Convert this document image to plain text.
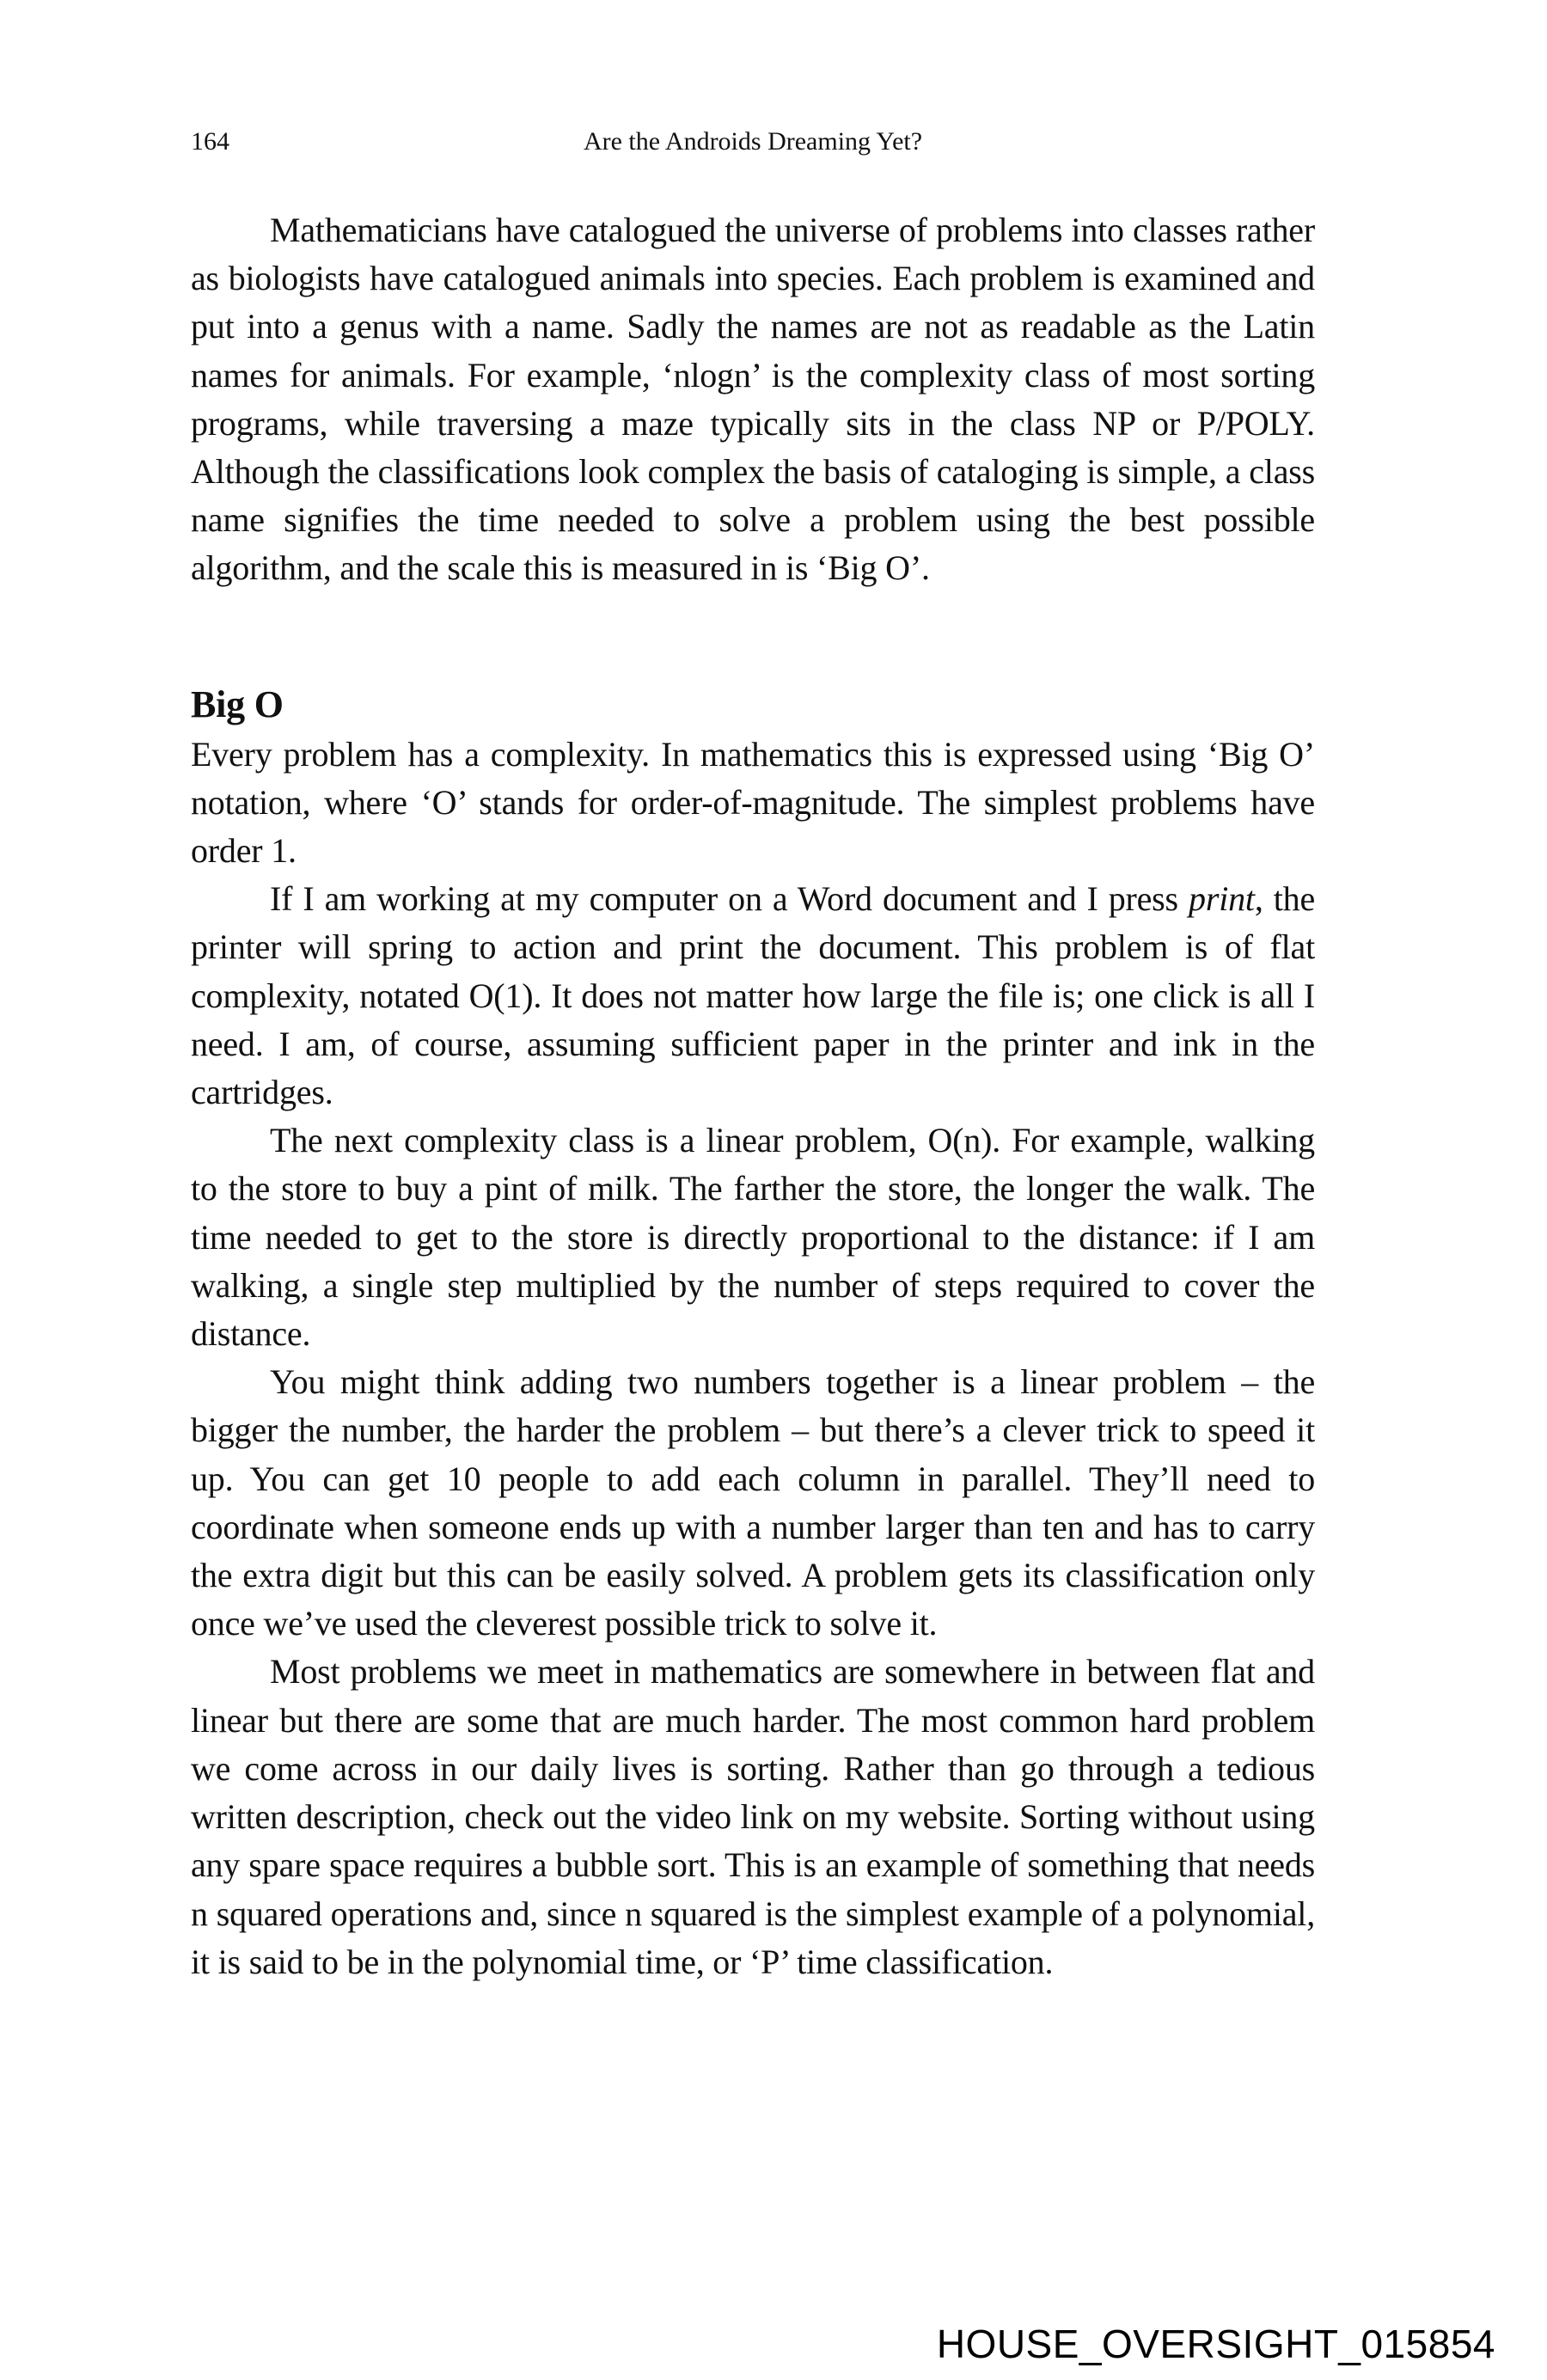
164	Are the Androids Dreaming Yet?

Mathematicians have catalogued the universe of problems into classes rather as biologists have catalogued animals into species. Each problem is examined and put into a genus with a name. Sadly the names are not as readable as the Latin names for animals. For example, ‘nlogn’ is the complexity class of most sorting programs, while traversing a maze typically sits in the class NP or P/POLY. Although the classifications look complex the basis of cataloging is simple, a class name signifies the time needed to solve a problem using the best possible algorithm, and the scale this is measured in is ‘Big O’.

Big O

Every problem has a complexity. In mathematics this is expressed using ‘Big O’ notation, where ‘O’ stands for order-of-magnitude. The simplest problems have order 1.

If I am working at my computer on a Word document and I press print, the printer will spring to action and print the document. This problem is of flat complexity, notated O(1). It does not matter how large the file is; one click is all I need. I am, of course, assuming sufficient paper in the printer and ink in the cartridges.

The next complexity class is a linear problem, O(n). For example, walking to the store to buy a pint of milk. The farther the store, the longer the walk. The time needed to get to the store is directly proportional to the distance: if I am walking, a single step multiplied by the number of steps required to cover the distance.

You might think adding two numbers together is a linear problem – the bigger the number, the harder the problem – but there’s a clever trick to speed it up. You can get 10 people to add each column in parallel. They’ll need to coordinate when someone ends up with a number larger than ten and has to carry the extra digit but this can be easily solved. A problem gets its classification only once we’ve used the cleverest possible trick to solve it.

Most problems we meet in mathematics are somewhere in between flat and linear but there are some that are much harder. The most common hard problem we come across in our daily lives is sorting. Rather than go through a tedious written description, check out the video link on my website. Sorting without using any spare space requires a bubble sort. This is an example of something that needs n squared operations and, since n squared is the simplest example of a polynomial, it is said to be in the polynomial time, or ‘P’ time classification.

HOUSE_OVERSIGHT_015854
